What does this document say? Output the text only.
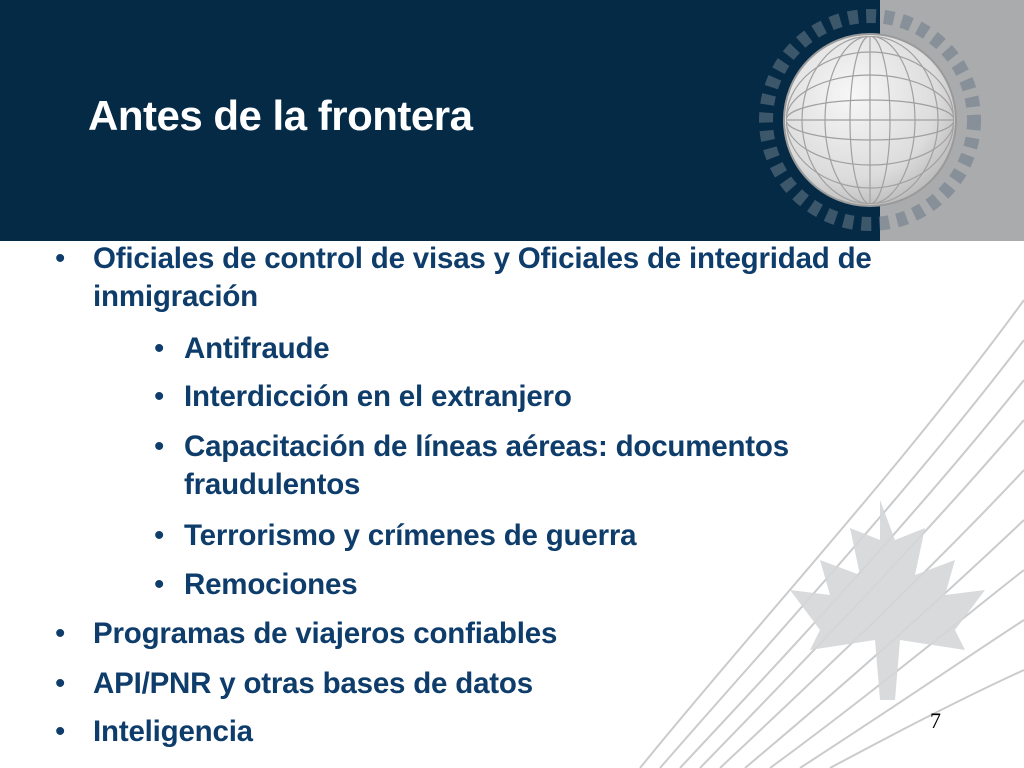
Antes de la frontera
• Oficiales de control de visas y Oficiales de integridad de inmigración
• Antifraude
• Interdicción en el extranjero
• Capacitación de líneas aéreas: documentos fraudulentos
• Terrorismo y crímenes de guerra
• Remociones
• Programas de viajeros confiables
• API/PNR y otras bases de datos
• Inteligencia	7
